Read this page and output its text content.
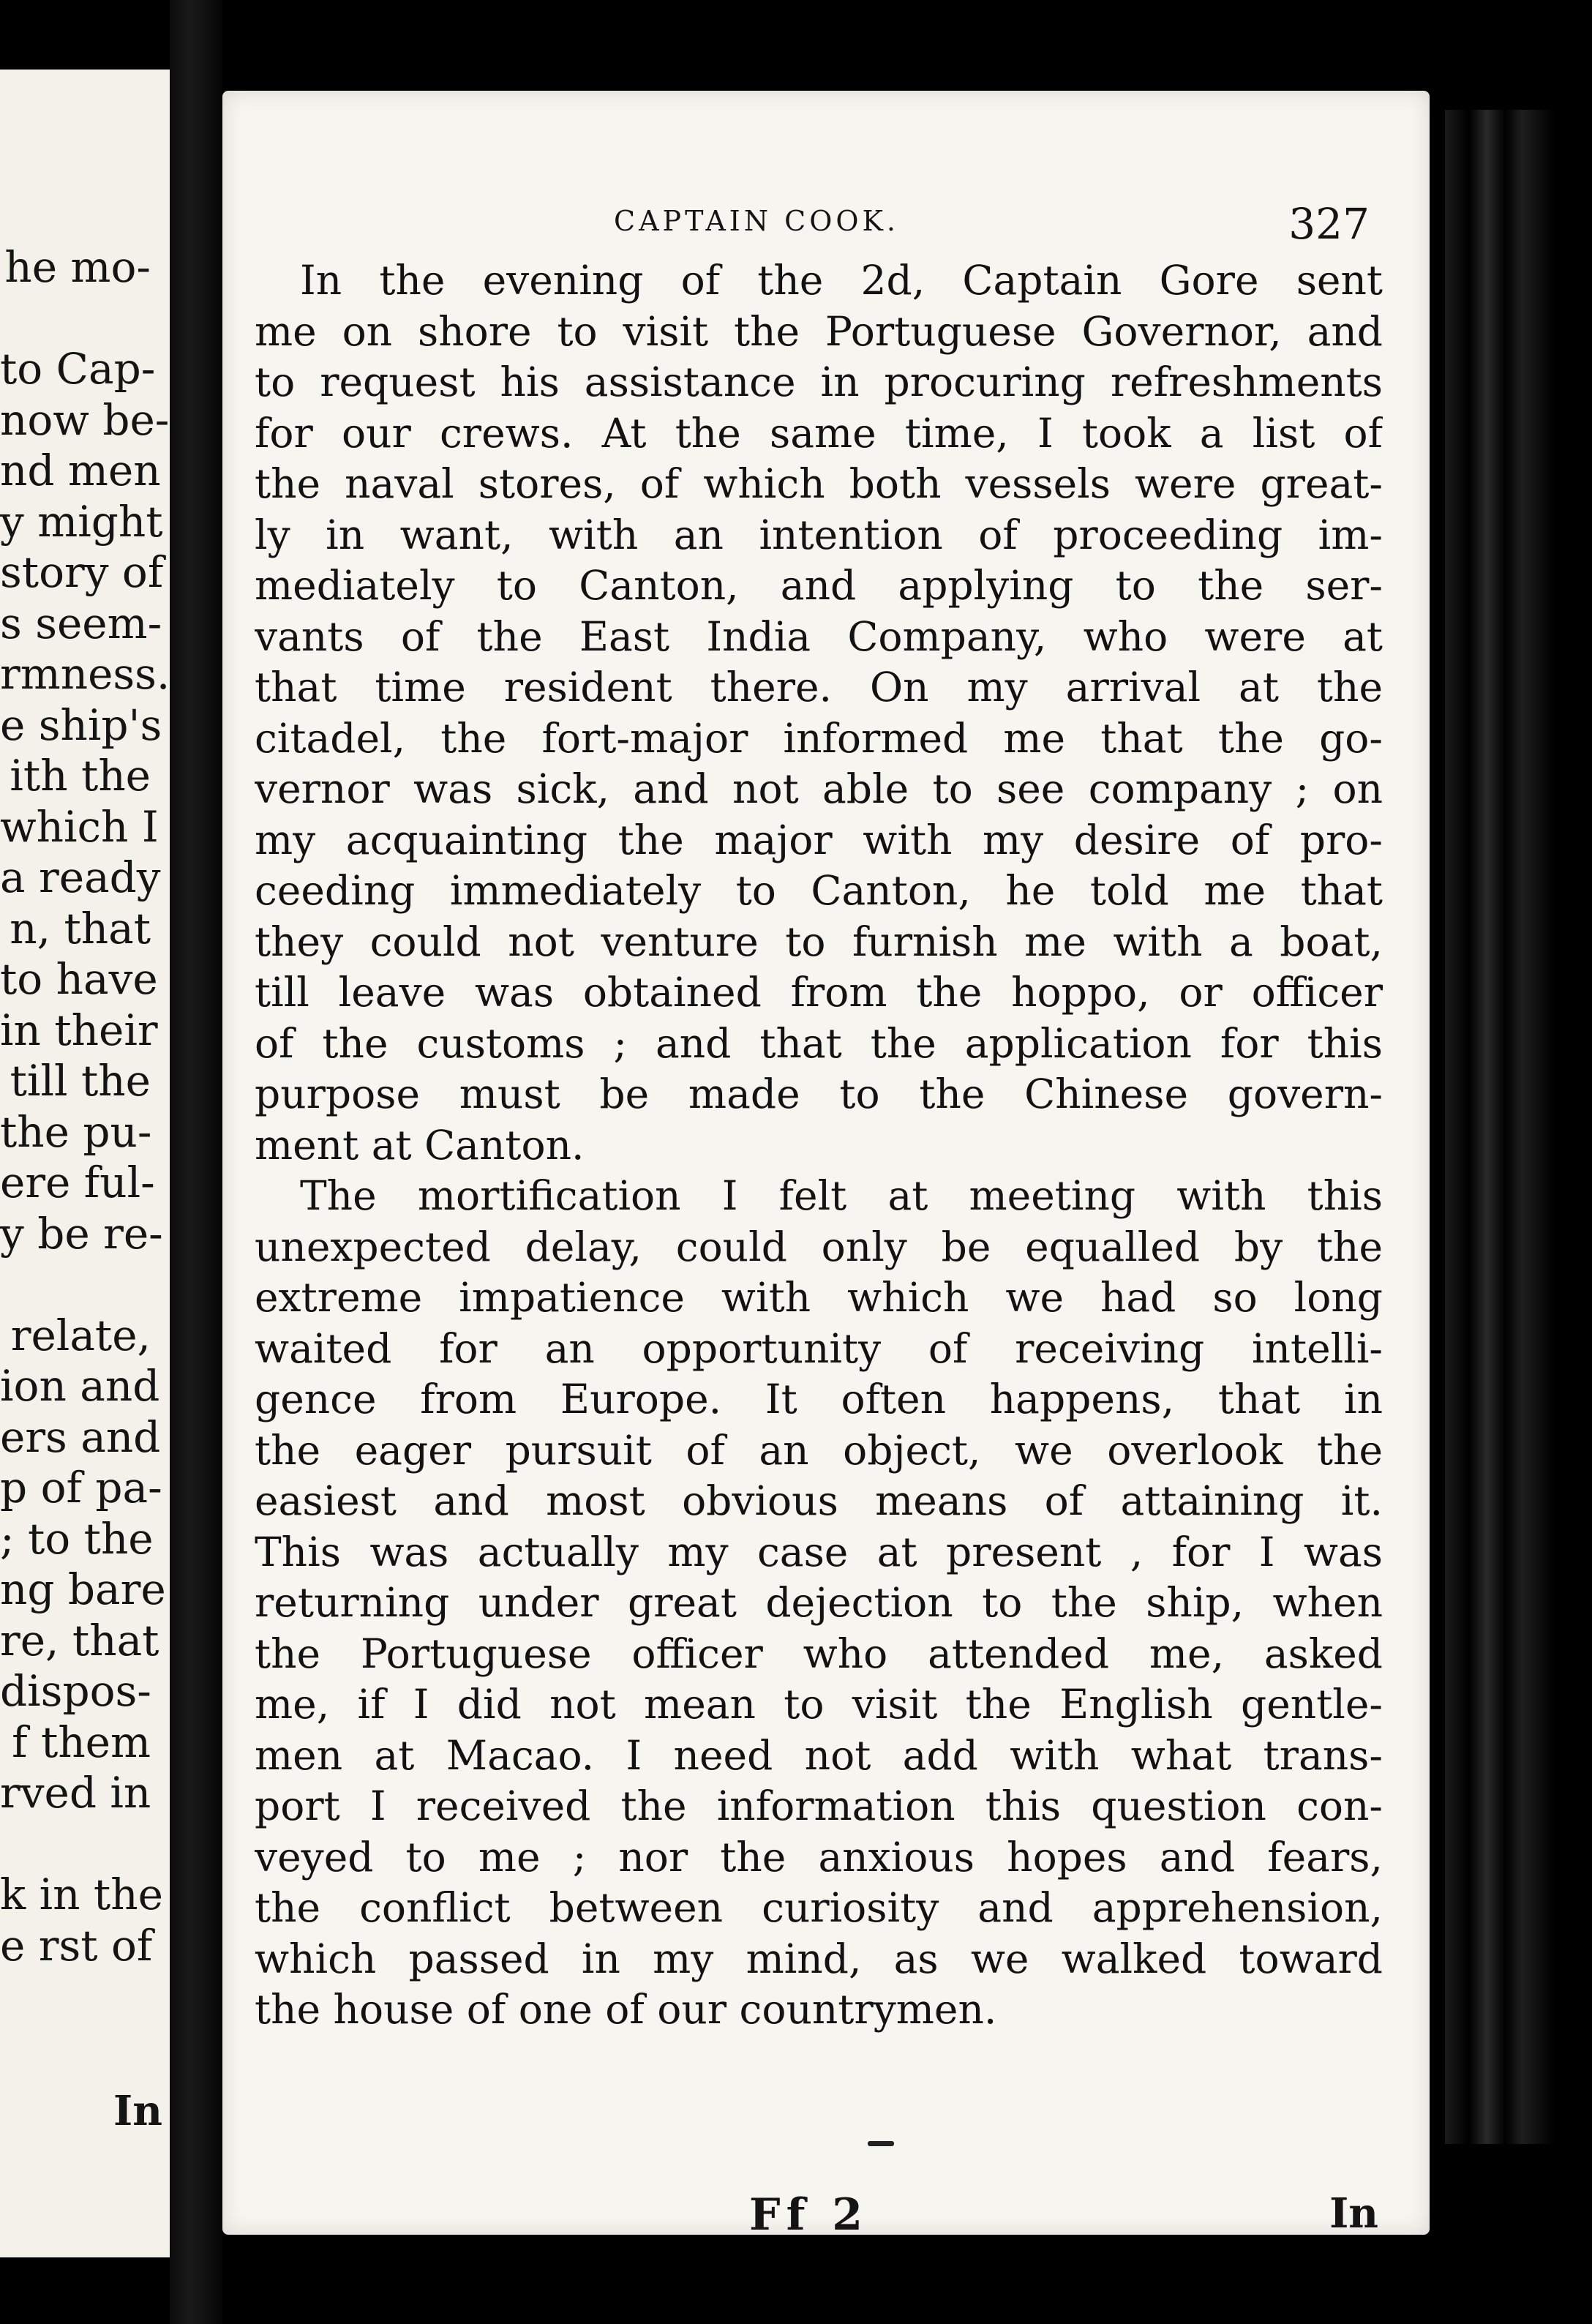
he mo-
to Cap-
now be-
nd men
y might
story of
s seem-
rmness.
e ship's
ith the
which I
a ready
n, that
to have
in their
till the
the pu-
ere ful-
y be re-
relate,
ion and
ers and
p of pa-
; to the
ng bare
re, that
dispos-
f them
rved in
k in the
e rst of
In
CAPTAIN COOK.	327
In the evening of the 2d, Captain Gore sent
me on shore to visit the Portuguese Governor, and
to request his assistance in procuring refreshments
for our crews. At the same time, I took a list of
the naval stores, of which both vessels were great-
ly in want, with an intention of proceeding im-
mediately to Canton, and applying to the ser-
vants of the East India Company, who were at
that time resident there. On my arrival at the
citadel, the fort-major informed me that the go-
vernor was sick, and not able to see company ; on
my acquainting the major with my desire of pro-
ceeding immediately to Canton, he told me that
they could not venture to furnish me with a boat,
till leave was obtained from the hoppo, or officer
of the customs ; and that the application for this
purpose must be made to the Chinese govern-
ment at Canton.
The mortification I felt at meeting with this
unexpected delay, could only be equalled by the
extreme impatience with which we had so long
waited for an opportunity of receiving intelli-
gence from Europe. It often happens, that in
the eager pursuit of an object, we overlook the
easiest and most obvious means of attaining it.
This was actually my case at present , for I was
returning under great dejection to the ship, when
the Portuguese officer who attended me, asked
me, if I did not mean to visit the English gentle-
men at Macao. I need not add with what trans-
port I received the information this question con-
veyed to me ; nor the anxious hopes and fears,
the conflict between curiosity and apprehension,
which passed in my mind, as we walked toward
the house of one of our countrymen.
Ff 2	In
